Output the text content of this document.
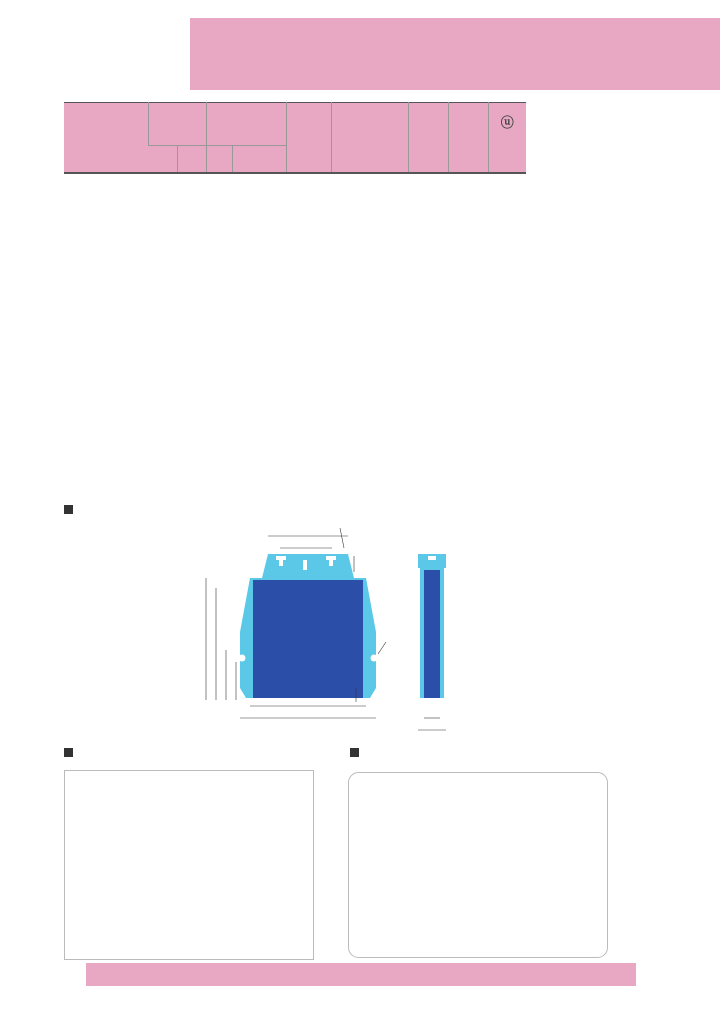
									ⓤ
